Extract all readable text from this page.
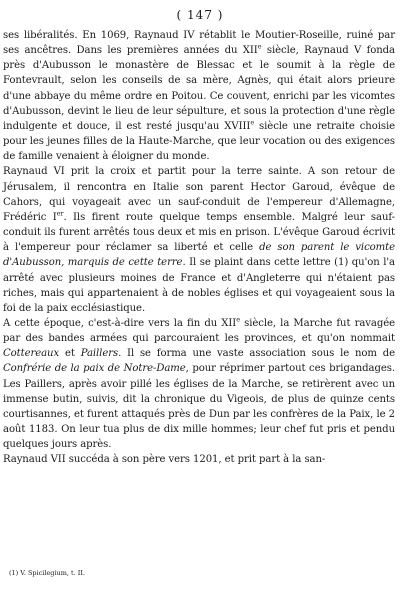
( 147 )

ses libéralités. En 1069, Raynaud IV rétablit le Moutier-Roseille, ruiné par ses ancêtres. Dans les premières années du XIIe siècle, Raynaud V fonda près d'Aubusson le monastère de Blessac et le soumit à la règle de Fontevrault, selon les conseils de sa mère, Agnès, qui était alors prieure d'une abbaye du même ordre en Poitou. Ce couvent, enrichi par les vicomtes d'Aubusson, devint le lieu de leur sépulture, et sous la protection d'une règle indulgente et douce, il est resté jusqu'au XVIIIe siècle une retraite choisie pour les jeunes filles de la Haute-Marche, que leur vocation ou des exigences de famille venaient à éloigner du monde.

Raynaud VI prit la croix et partit pour la terre sainte. A son retour de Jérusalem, il rencontra en Italie son parent Hector Garoud, évêque de Cahors, qui voyageait avec un sauf-conduit de l'empereur d'Allemagne, Frédéric Ier. Ils firent route quelque temps ensemble. Malgré leur sauf-conduit ils furent arrêtés tous deux et mis en prison. L'évêque Garoud écrivit à l'empereur pour réclamer sa liberté et celle de son parent le vicomte d'Aubusson, marquis de cette terre. Il se plaint dans cette lettre (1) qu'on l'a arrêté avec plusieurs moines de France et d'Angleterre qui n'étaient pas riches, mais qui appartenaient à de nobles églises et qui voyageaient sous la foi de la paix ecclésiastique.

A cette époque, c'est-à-dire vers la fin du XIIe siècle, la Marche fut ravagée par des bandes armées qui parcouraient les provinces, et qu'on nommait Cottereaux et Paillers. Il se forma une vaste association sous le nom de Confrérie de la paix de Notre-Dame, pour réprimer partout ces brigandages. Les Paillers, après avoir pillé les églises de la Marche, se retirèrent avec un immense butin, suivis, dit la chronique du Vigeois, de plus de quinze cents courtisannes, et furent attaqués près de Dun par les confrères de la Paix, le 2 août 1183. On leur tua plus de dix mille hommes; leur chef fut pris et pendu quelques jours après.

Raynaud VII succéda à son père vers 1201, et prit part à la san-

(1) V. Spicilegium, t. II.
